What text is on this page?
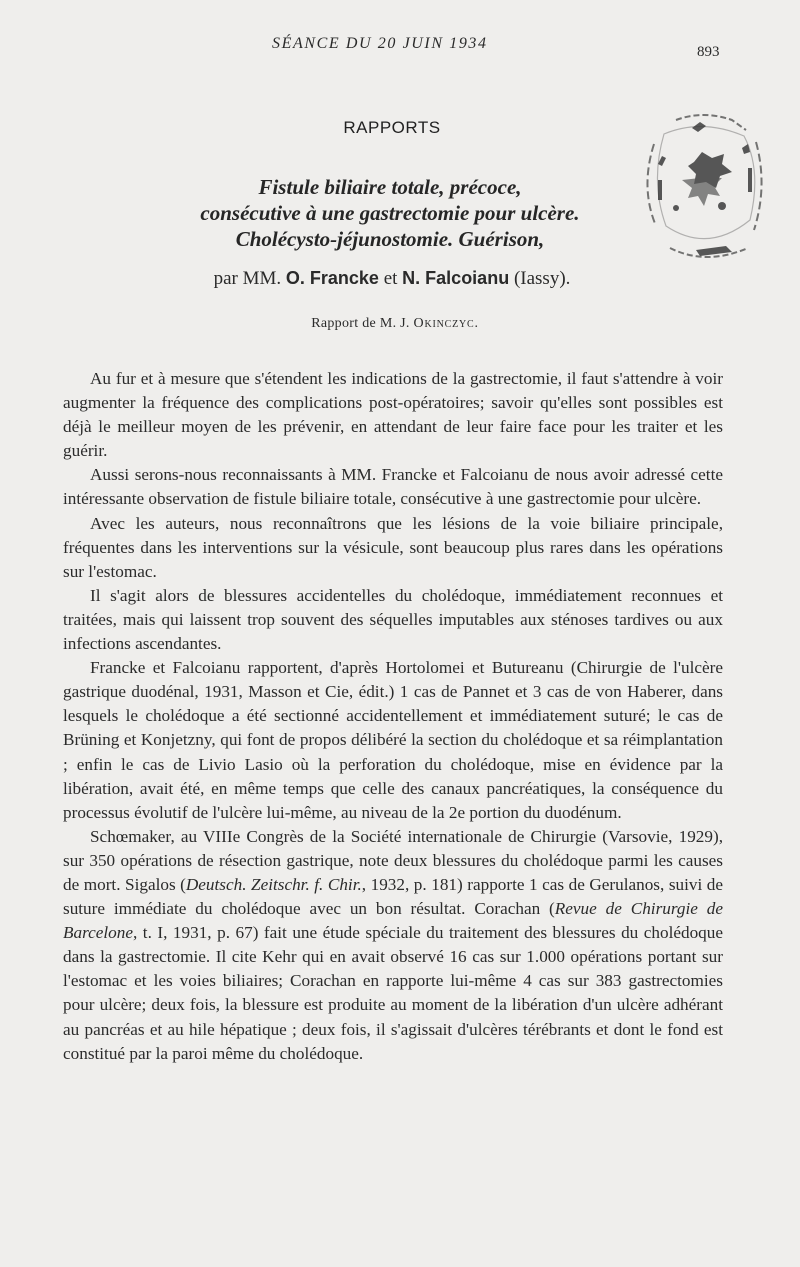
SÉANCE DU 20 JUIN 1934	893
RAPPORTS
Fistule biliaire totale, précoce,
consécutive à une gastrectomie pour ulcère.
Cholécysto-jéjunostomie. Guérison,
par MM. O. Francke et N. Falcoianu (Iassy).
Rapport de M. J. Okinczyc.

Au fur et à mesure que s'étendent les indications de la gastrectomie, il faut s'attendre à voir augmenter la fréquence des complications post-opératoires; savoir qu'elles sont possibles est déjà le meilleur moyen de les prévenir, en attendant de leur faire face pour les traiter et les guérir.

Aussi serons-nous reconnaissants à MM. Francke et Falcoianu de nous avoir adressé cette intéressante observation de fistule biliaire totale, consécutive à une gastrectomie pour ulcère.

Avec les auteurs, nous reconnaîtrons que les lésions de la voie biliaire principale, fréquentes dans les interventions sur la vésicule, sont beaucoup plus rares dans les opérations sur l'estomac.

Il s'agit alors de blessures accidentelles du cholédoque, immédiatement reconnues et traitées, mais qui laissent trop souvent des séquelles imputables aux sténoses tardives ou aux infections ascendantes.

Francke et Falcoianu rapportent, d'après Hortolomei et Butureanu (Chirurgie de l'ulcère gastrique duodénal, 1931, Masson et Cie, édit.) 1 cas de Pannet et 3 cas de von Haberer, dans lesquels le cholédoque a été sectionné accidentellement et immédiatement suturé; le cas de Brüning et Konjetzny, qui font de propos délibéré la section du cholédoque et sa réimplantation ; enfin le cas de Livio Lasio où la perforation du cholédoque, mise en évidence par la libération, avait été, en même temps que celle des canaux pancréatiques, la conséquence du processus évolutif de l'ulcère lui-même, au niveau de la 2e portion du duodénum.

Schœmaker, au VIIIe Congrès de la Société internationale de Chirurgie (Varsovie, 1929), sur 350 opérations de résection gastrique, note deux blessures du cholédoque parmi les causes de mort. Sigalos (Deutsch. Zeitschr. f. Chir., 1932, p. 181) rapporte 1 cas de Gerulanos, suivi de suture immédiate du cholédoque avec un bon résultat. Corachan (Revue de Chirurgie de Barcelone, t. I, 1931, p. 67) fait une étude spéciale du traitement des blessures du cholédoque dans la gastrectomie. Il cite Kehr qui en avait observé 16 cas sur 1.000 opérations portant sur l'estomac et les voies biliaires; Corachan en rapporte lui-même 4 cas sur 383 gastrectomies pour ulcère; deux fois, la blessure est produite au moment de la libération d'un ulcère adhérant au pancréas et au hile hépatique ; deux fois, il s'agissait d'ulcères térébrants et dont le fond est constitué par la paroi même du cholédoque.
